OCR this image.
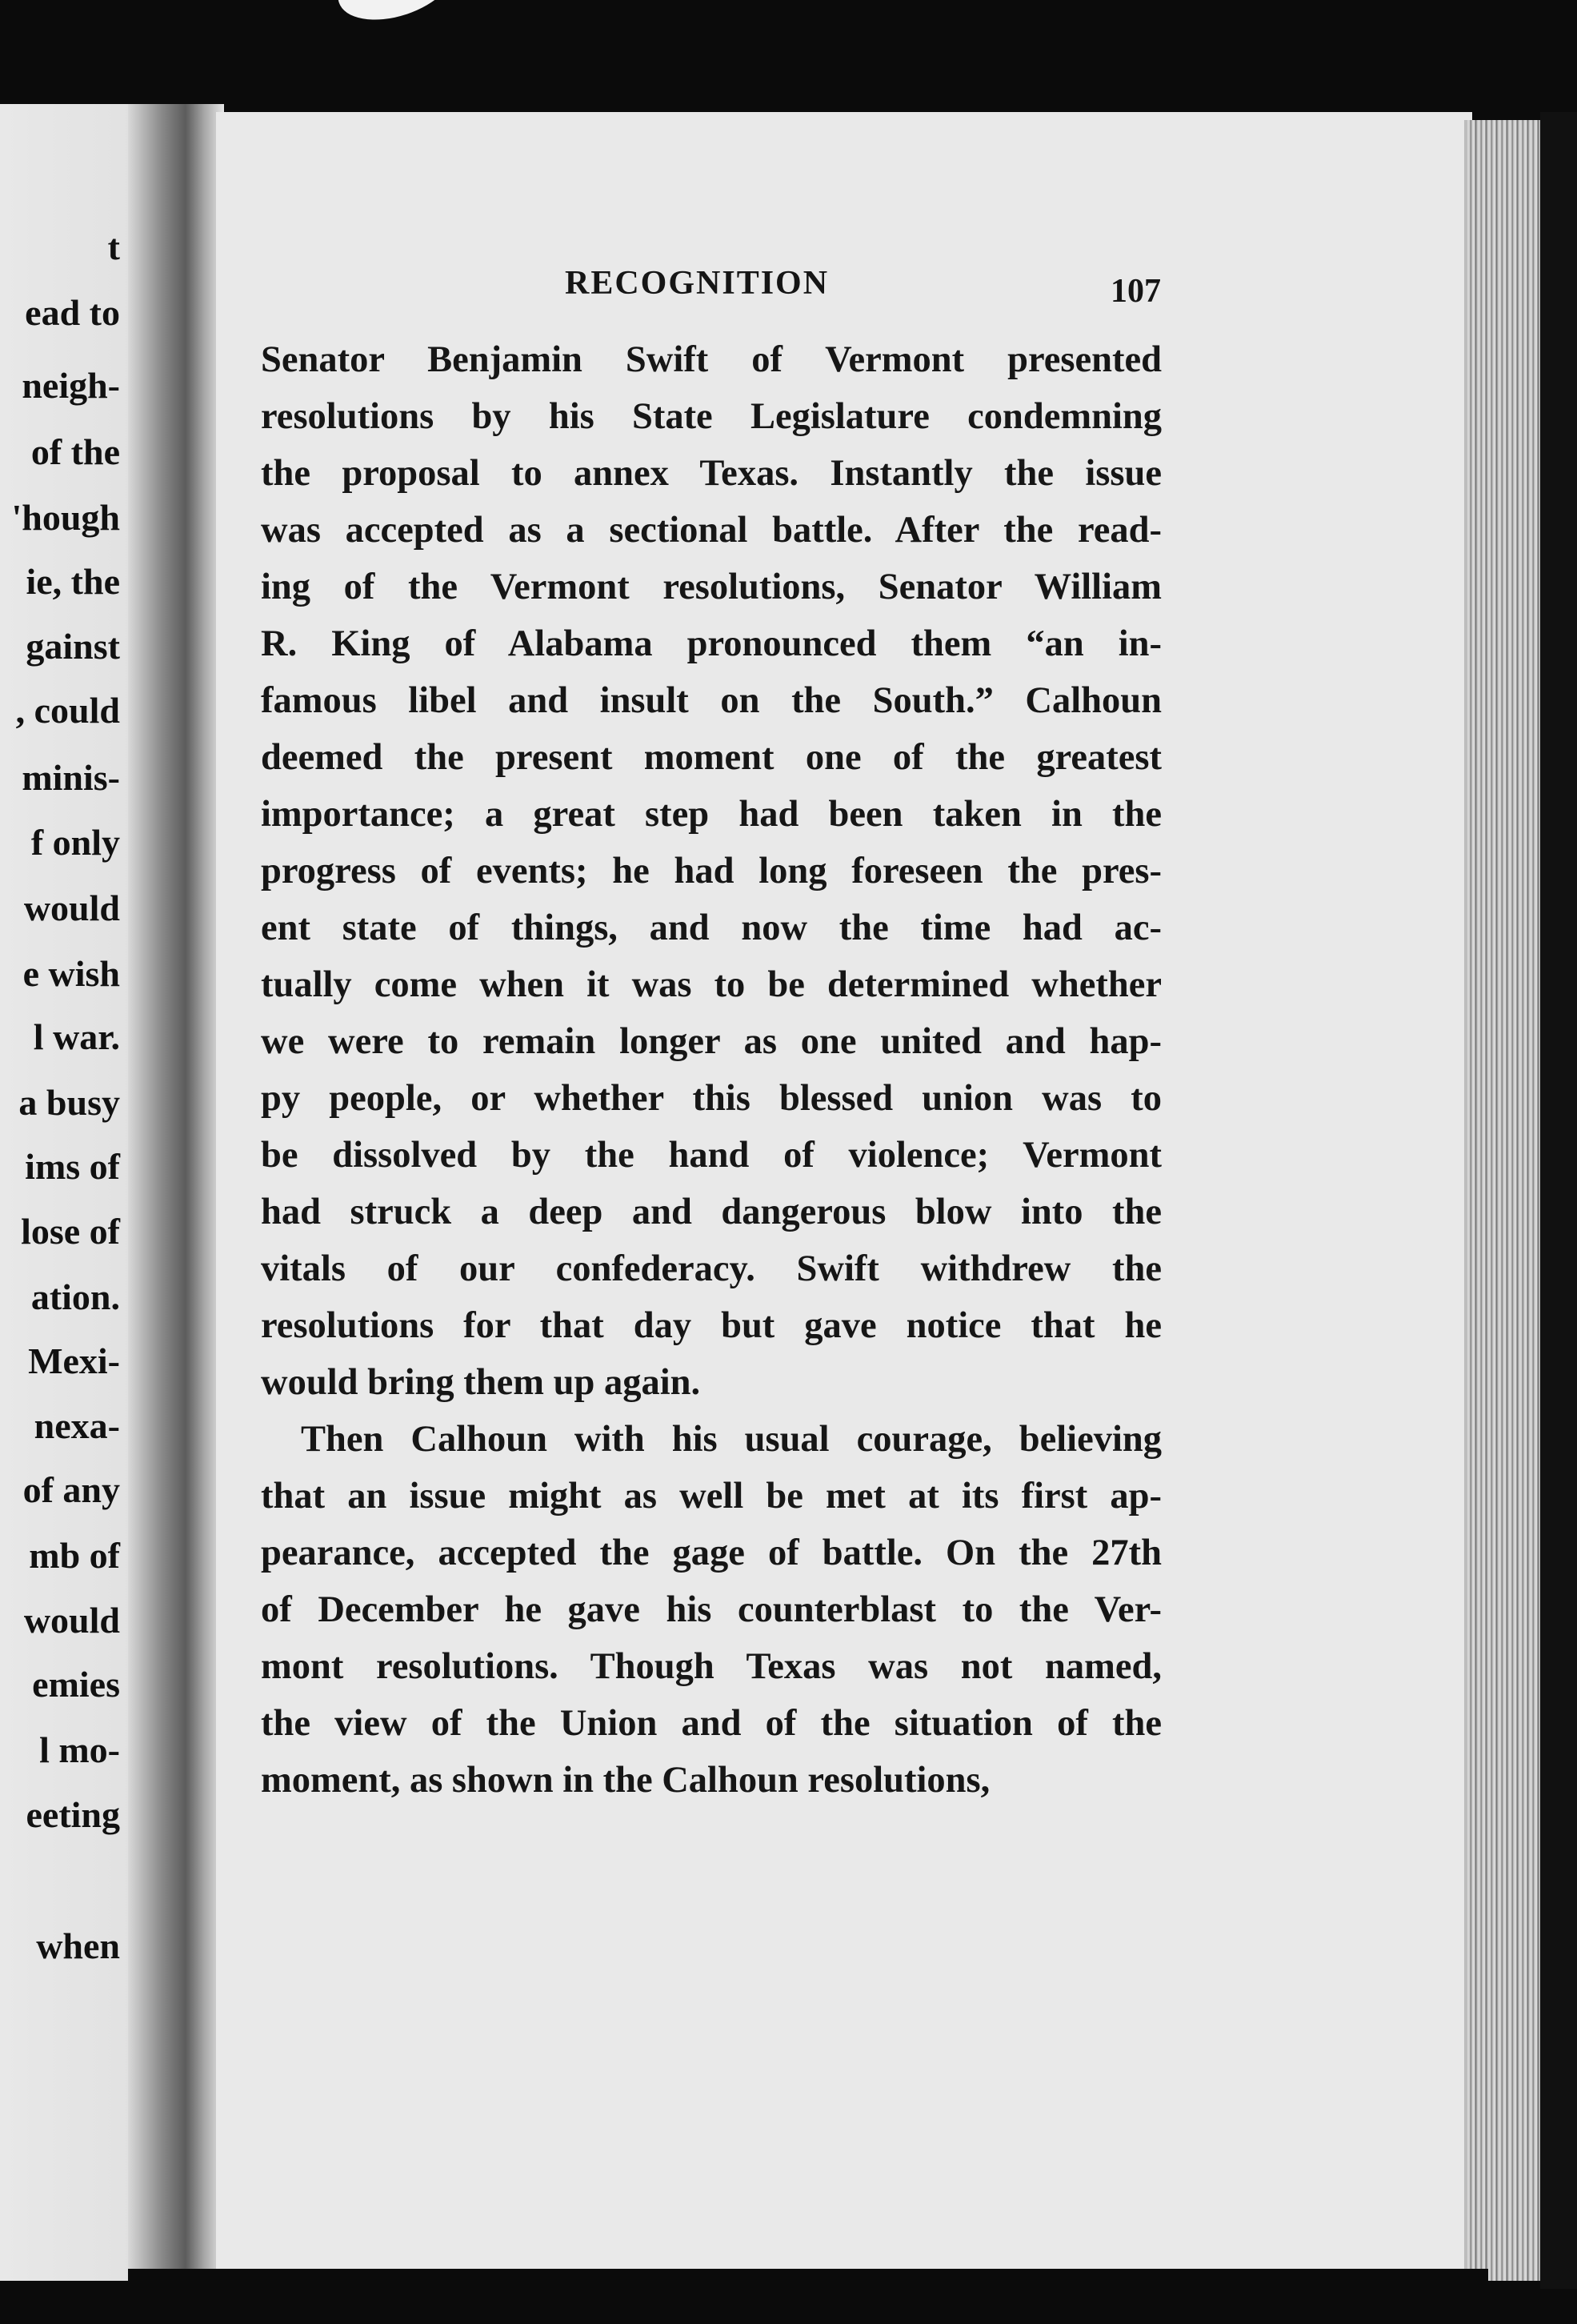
t
ead to
neigh-
of the
'hough
ie, the
gainst
, could
minis-
f only
would
e wish
l war.
a busy
ims of
lose of
ation.
Mexi-
nexa-
of any
mb of
would
emies
l mo-
eeting
when
RECOGNITION	107
Senator Benjamin Swift of Vermont presented
resolutions by his State Legislature condemning
the proposal to annex Texas. Instantly the issue
was accepted as a sectional battle. After the read-
ing of the Vermont resolutions, Senator William
R. King of Alabama pronounced them “an in-
famous libel and insult on the South.” Calhoun
deemed the present moment one of the greatest
importance; a great step had been taken in the
progress of events; he had long foreseen the pres-
ent state of things, and now the time had ac-
tually come when it was to be determined whether
we were to remain longer as one united and hap-
py people, or whether this blessed union was to
be dissolved by the hand of violence; Vermont
had struck a deep and dangerous blow into the
vitals of our confederacy. Swift withdrew the
resolutions for that day but gave notice that he
would bring them up again.
Then Calhoun with his usual courage, believing
that an issue might as well be met at its first ap-
pearance, accepted the gage of battle. On the 27th
of December he gave his counterblast to the Ver-
mont resolutions. Though Texas was not named,
the view of the Union and of the situation of the
moment, as shown in the Calhoun resolutions,
